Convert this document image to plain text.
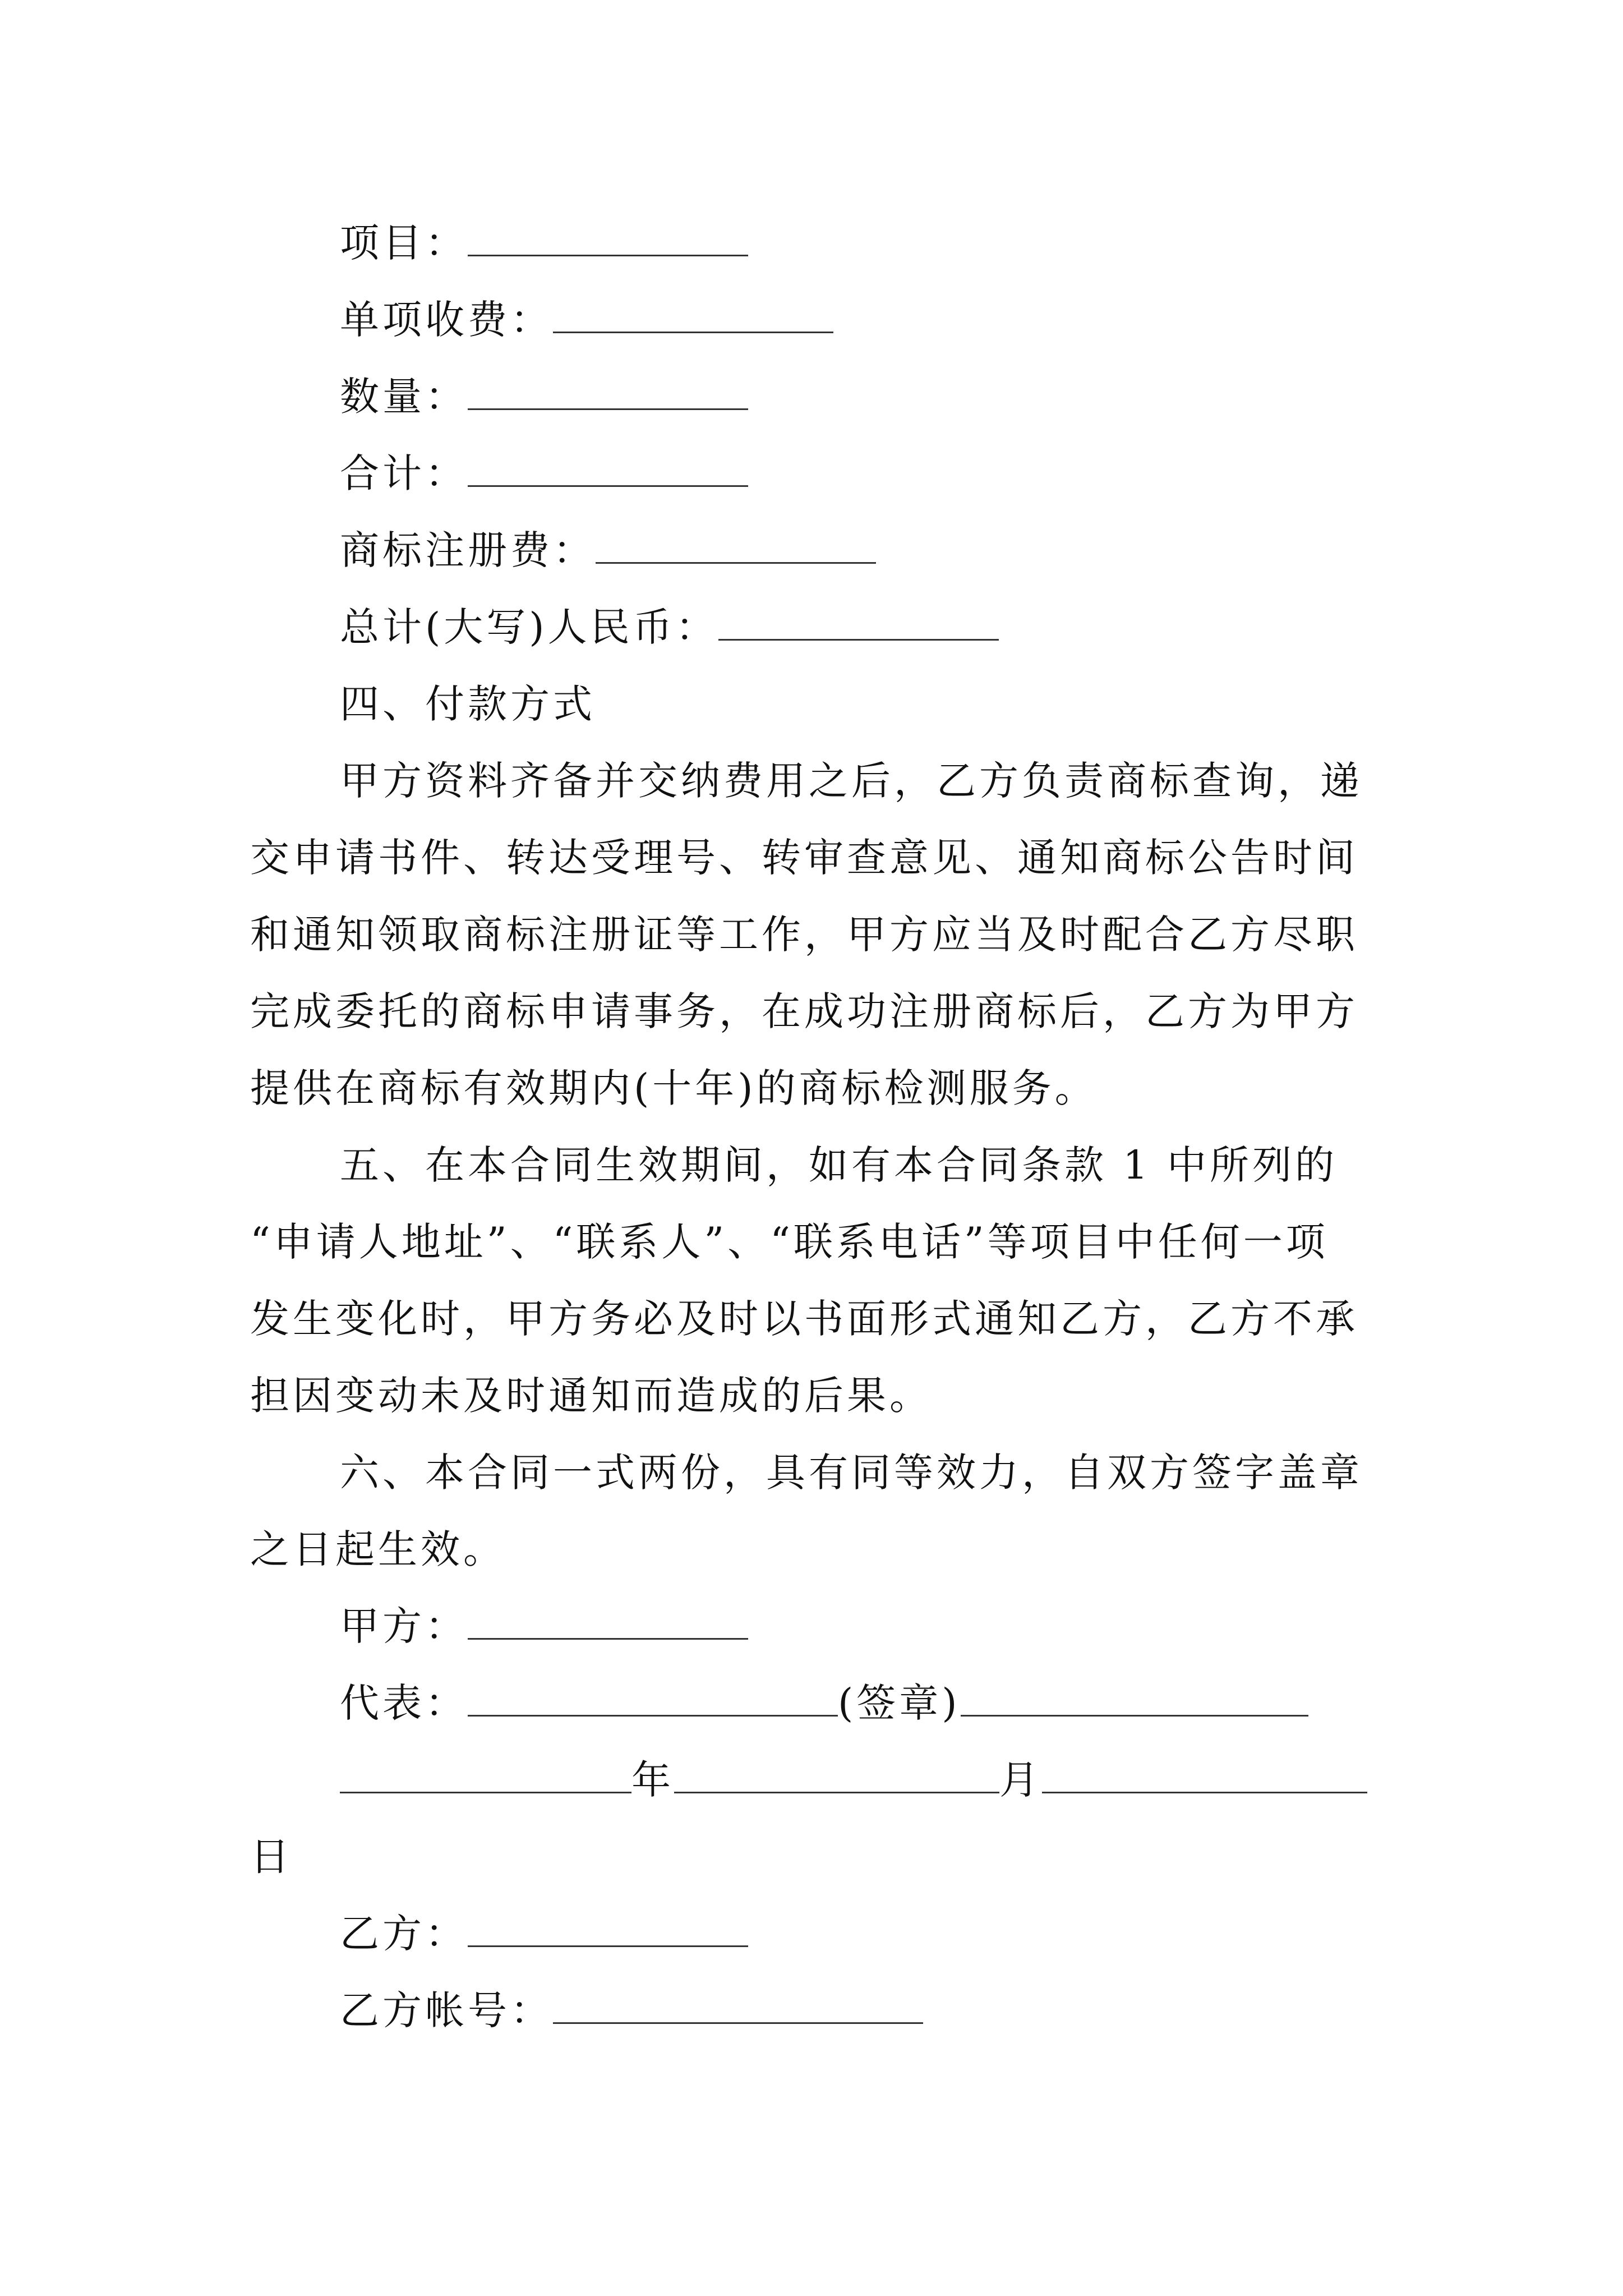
项目：
单项收费：
数量：
合计：
商标注册费：
总计(大写)人民币：
四、付款方式
甲方资料齐备并交纳费用之后，乙方负责商标查询，递
交申请书件、转达受理号、转审查意见、通知商标公告时间
和通知领取商标注册证等工作，甲方应当及时配合乙方尽职
完成委托的商标申请事务，在成功注册商标后，乙方为甲方
提供在商标有效期内(十年)的商标检测服务。
五、在本合同生效期间，如有本合同条款 1 中所列的
“申请人地址”、“联系人”、“联系电话”等项目中任何一项
发生变化时，甲方务必及时以书面形式通知乙方，乙方不承
担因变动未及时通知而造成的后果。
六、本合同一式两份，具有同等效力，自双方签字盖章
之日起生效。
甲方：
代表：	(签章)
年	月
日
乙方：
乙方帐号：
